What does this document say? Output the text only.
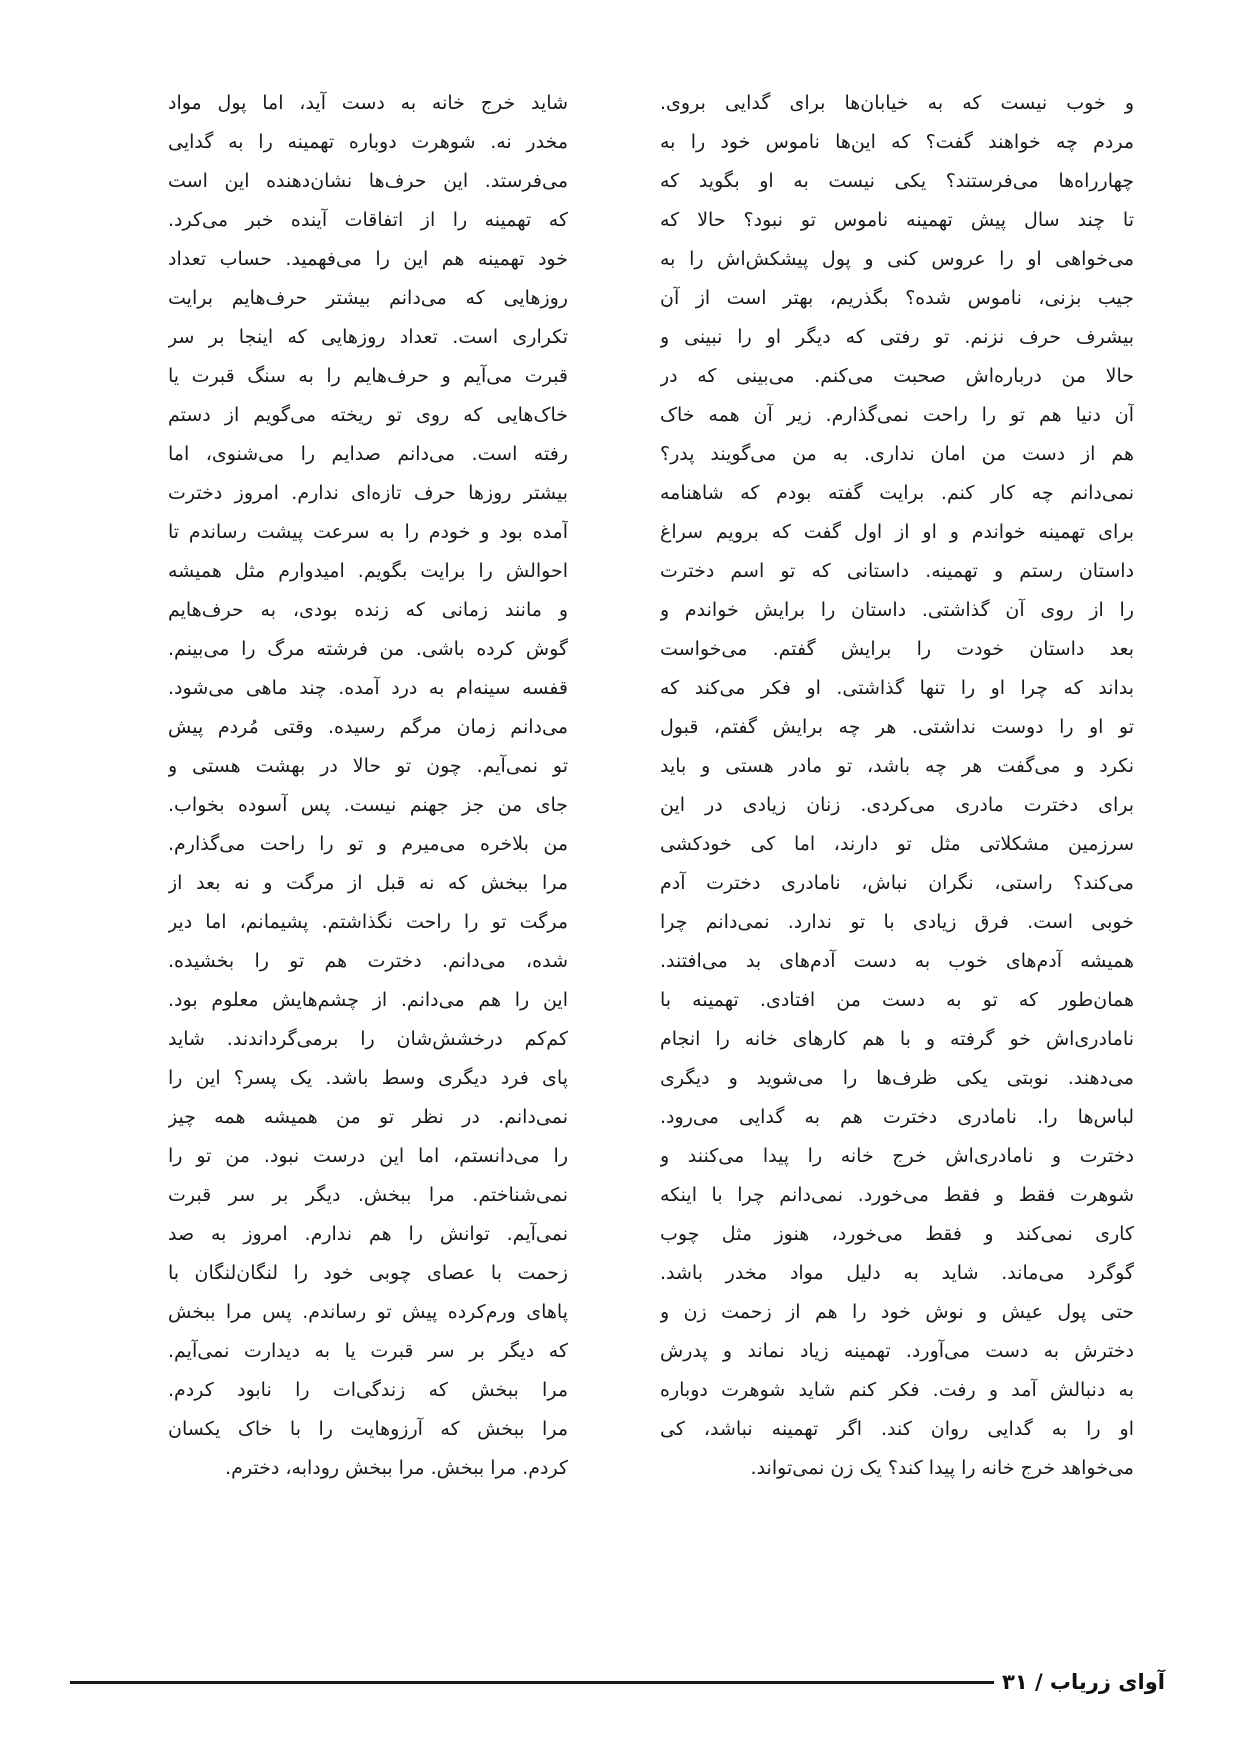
و خوب نیست که به خیابان‌ها برای گدایی بروی.
مردم چه خواهند گفت؟ که این‌ها ناموس خود را به
چهارراه‌ها می‌فرستند؟ یکی نیست به او بگوید که
تا چند سال پیش تهمینه ناموس تو نبود؟ حالا که
می‌خواهی او را عروس کنی و پول پیشکش‌اش را به
جیب بزنی، ناموس شده؟ بگذریم، بهتر است از آن
بیشرف حرف نزنم. تو رفتی که دیگر او را نبینی و
حالا من درباره‌اش صحبت می‌کنم. می‌بینی که در
آن دنیا هم تو را راحت نمی‌گذارم. زیر آن همه خاک
هم از دست من امان نداری. به من می‌گویند پدر؟
نمی‌دانم چه کار کنم. برایت گفته بودم که شاهنامه
برای تهمینه خواندم و او از اول گفت که برویم سراغ
داستان رستم و تهمینه. داستانی که تو اسم دخترت
را از روی آن گذاشتی. داستان را برایش خواندم و
بعد داستان خودت را برایش گفتم. می‌خواست
بداند که چرا او را تنها گذاشتی. او فکر می‌کند که
تو او را دوست نداشتی. هر چه برایش گفتم، قبول
نکرد و می‌گفت هر چه باشد، تو مادر هستی و باید
برای دخترت مادری می‌کردی. زنان زیادی در این
سرزمین مشکلاتی مثل تو دارند، اما کی خودکشی
می‌کند؟ راستی، نگران نباش، نامادری دخترت آدم
خوبی است. فرق زیادی با تو ندارد. نمی‌دانم چرا
همیشه آدم‌های خوب به دست آدم‌های بد می‌افتند.
همان‌طور که تو به دست من افتادی. تهمینه با
نامادری‌اش خو گرفته و با هم کارهای خانه را انجام
می‌دهند. نوبتی یکی ظرف‌ها را می‌شوید و دیگری
لباس‌ها را. نامادری دخترت هم به گدایی می‌رود.
دخترت و نامادری‌اش خرج خانه را پیدا می‌کنند و
شوهرت فقط و فقط می‌خورد. نمی‌دانم چرا با اینکه
کاری نمی‌کند و فقط می‌خورد، هنوز مثل چوب
گوگرد می‌ماند. شاید به دلیل مواد مخدر باشد.
حتی پول عیش و نوش خود را هم از زحمت زن و
دخترش به دست می‌آورد. تهمینه زیاد نماند و پدرش
به دنبالش آمد و رفت. فکر کنم شاید شوهرت دوباره
او را به گدایی روان کند. اگر تهمینه نباشد، کی
می‌خواهد خرج خانه را پیدا کند؟ یک زن نمی‌تواند.
شاید خرج خانه به دست آید، اما پول مواد
مخدر نه. شوهرت دوباره تهمینه را به گدایی
می‌فرستد. این حرف‌ها نشان‌دهنده این است
که تهمینه را از اتفاقات آینده خبر می‌کرد.
خود تهمینه هم این را می‌فهمید. حساب تعداد
روزهایی که می‌دانم بیشتر حرف‌هایم برایت
تکراری است. تعداد روزهایی که اینجا بر سر
قبرت می‌آیم و حرف‌هایم را به سنگ قبرت یا
خاک‌هایی که روی تو ریخته می‌گویم از دستم
رفته است. می‌دانم صدایم را می‌شنوی، اما
بیشتر روزها حرف تازه‌ای ندارم. امروز دخترت
آمده بود و خودم را به سرعت پیشت رساندم تا
احوالش را برایت بگویم. امیدوارم مثل همیشه
و مانند زمانی که زنده بودی، به حرف‌هایم
گوش کرده باشی. من فرشته مرگ را می‌بینم.
قفسه سینه‌ام به درد آمده. چند ماهی می‌شود.
می‌دانم زمان مرگم رسیده. وقتی مُردم پیش
تو نمی‌آیم. چون تو حالا در بهشت هستی و
جای من جز جهنم نیست. پس آسوده بخواب.
من بلاخره می‌میرم و تو را راحت می‌گذارم.
مرا ببخش که نه قبل از مرگت و نه بعد از
مرگت تو را راحت نگذاشتم. پشیمانم، اما دیر
شده، می‌دانم. دخترت هم تو را بخشیده.
این را هم می‌دانم. از چشم‌هایش معلوم بود.
کم‌کم درخشش‌شان را برمی‌گرداندند. شاید
پای فرد دیگری وسط باشد. یک پسر؟ این را
نمی‌دانم. در نظر تو من همیشه همه چیز
را می‌دانستم، اما این درست نبود. من تو را
نمی‌شناختم. مرا ببخش. دیگر بر سر قبرت
نمی‌آیم. توانش را هم ندارم. امروز به صد
زحمت با عصای چوبی خود را لنگان‌لنگان با
پاهای ورم‌کرده پیش تو رساندم. پس مرا ببخش
که دیگر بر سر قبرت یا به دیدارت نمی‌آیم.
مرا ببخش که زندگی‌ات را نابود کردم.
مرا ببخش که آرزوهایت را با خاک یکسان
کردم. مرا ببخش. مرا ببخش رودابه، دخترم.
آوای زریاب / ۳۱
